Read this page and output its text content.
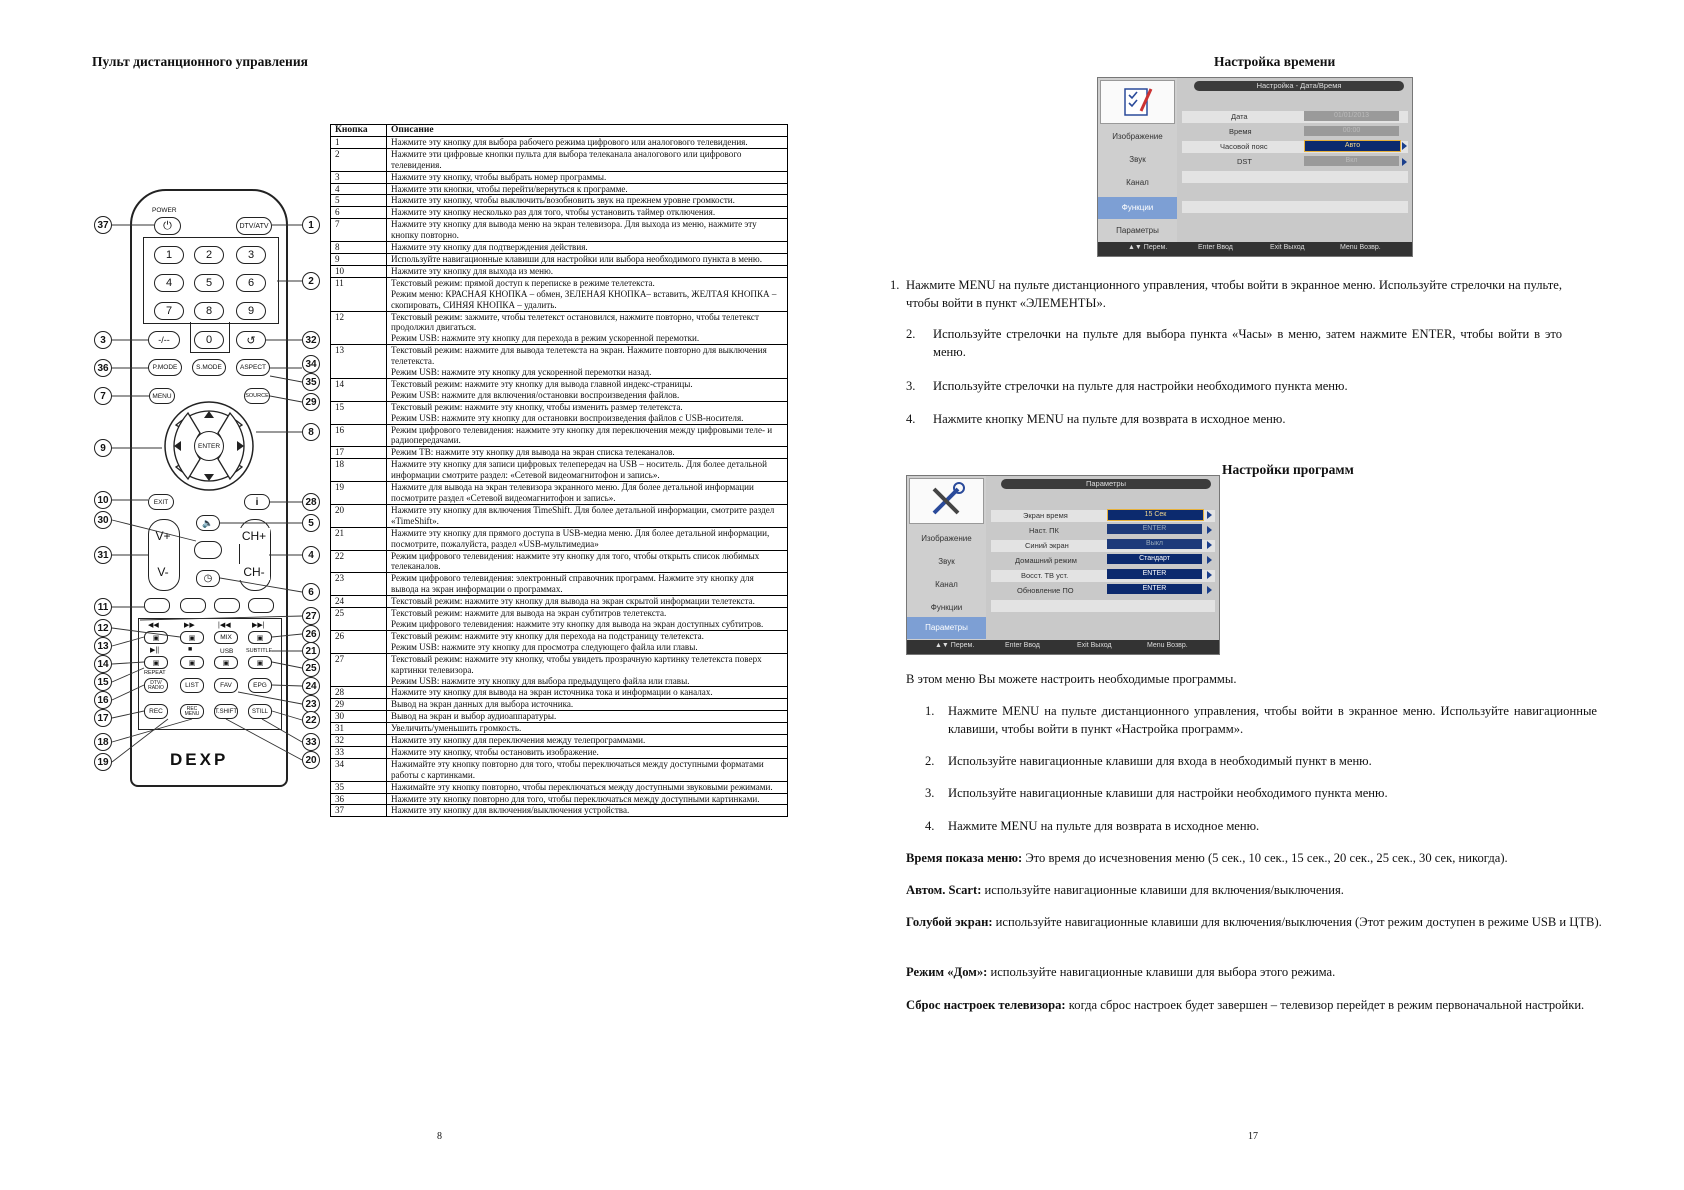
Пульт дистанционного управления
POWER
⏻	DTV/ATV
1	2	3
4	5	6
7	8	9
-/--	0	↺
P.MODE	S.MODE	ASPECT
MENU	SOURCE
ENTER
EXIT	i
V+
V-
CH+
CH-
🔈
◷
◀◀	▶▶	|◀◀	▶▶|
▣	▣	MIX	▣
▶||	■	USB SUBTITLE
▣	▣	▣	▣
REPEAT
DTV/ RADIO	LIST	FAV	EPG
REC	REC MENU	T.SHIFT	STILL
DEXP
37	1
2
3	32
36	34
35
7
29
8
9
10	28
30	5
31	4
6
11
27
12
26
13	21
14	25
15	24
16	23
17	22
18	33
19	20
Кнопка	Описание
1	Нажмите эту кнопку для выбора рабочего режима цифрового или аналогового телевидения.
2	Нажмите эти цифровые кнопки пульта для выбора телеканала аналогового или цифрового телевидения.
3	Нажмите эту кнопку, чтобы выбрать номер программы.
4	Нажмите эти кнопки, чтобы перейти/вернуться к программе.
5	Нажмите эту кнопку, чтобы выключить/возобновить звук на прежнем уровне громкости.
6	Нажмите эту кнопку несколько раз для того, чтобы установить таймер отключения.
7	Нажмите эту кнопку для вывода меню на экран телевизора. Для выхода из меню, нажмите эту кнопку повторно.
8	Нажмите эту кнопку для подтверждения действия.
9	Используйте навигационные клавиши для настройки или выбора необходимого пункта в меню.
10	Нажмите эту кнопку для выхода из меню.
11	Текстовый режим: прямой доступ к переписке в режиме телетекста.
Режим меню: КРАСНАЯ КНОПКА – обмен, ЗЕЛЕНАЯ КНОПКА– вставить, ЖЕЛТАЯ КНОПКА – скопировать, СИНЯЯ КНОПКА – удалить.
12	Текстовый режим: зажмите, чтобы телетекст остановился, нажмите повторно, чтобы телетекст продолжил двигаться.
Режим USB: нажмите эту кнопку для перехода в режим ускоренной перемотки.
13	Текстовый режим: нажмите для вывода телетекста на экран. Нажмите повторно для выключения телетекста.
Режим USB: нажмите эту кнопку для ускоренной перемотки назад.
14	Текстовый режим: нажмите эту кнопку для вывода главной индекс-страницы.
Режим USB: нажмите для включения/остановки воспроизведения файлов.
15	Текстовый режим: нажмите эту кнопку, чтобы изменить размер телетекста.
Режим USB: нажмите эту кнопку для остановки воспроизведения файлов с USB-носителя.
16	Режим цифрового телевидения: нажмите эту кнопку для переключения между цифровыми теле- и радиопередачами.
17	Режим ТВ: нажмите эту кнопку для вывода на экран списка телеканалов.
18	Нажмите эту кнопку для записи цифровых телепередач на USB – носитель. Для более детальной информации смотрите раздел: «Сетевой видеомагнитофон и запись».
19	Нажмите для вывода на экран телевизора экранного меню. Для более детальной информации посмотрите раздел «Сетевой видеомагнитофон и запись».
20	Нажмите эту кнопку для включения TimeShift. Для более детальной информации, смотрите раздел «TimeShift».
21	Нажмите эту кнопку для прямого доступа в USB-медиа меню. Для более детальной информации, посмотрите, пожалуйста, раздел «USB-мультимедиа»
22	Режим цифрового телевидения: нажмите эту кнопку для того, чтобы открыть список любимых телеканалов.
23	Режим цифрового телевидения: электронный справочник программ. Нажмите эту кнопку для вывода на экран информации о программах.
24	Текстовый режим: нажмите эту кнопку для вывода на экран скрытой информации телетекста.
25	Текстовый режим: нажмите для вывода на экран субтитров телетекста.
Режим цифрового телевидения: нажмите эту кнопку для вывода на экран доступных субтитров.
26	Текстовый режим: нажмите эту кнопку для перехода на подстраницу телетекста.
Режим USB: нажмите эту кнопку для просмотра следующего файла или главы.
27	Текстовый режим: нажмите эту кнопку, чтобы увидеть прозрачную картинку телетекста поверх картинки телевизора.
Режим USB: нажмите эту кнопку для выбора предыдущего файла или главы.
28	Нажмите эту кнопку для вывода на экран источника тока и информации о каналах.
29	Вывод на экран данных для выбора источника.
30	Вывод на экран и выбор аудиоаппаратуры.
31	Увеличить/уменьшить громкость.
32	Нажмите эту кнопку для переключения между телепрограммами.
33	Нажмите эту кнопку, чтобы остановить изображение.
34	Нажимайте эту кнопку повторно для того, чтобы переключаться между доступными форматами работы с картинками.
35	Нажимайте эту кнопку повторно, чтобы переключаться между доступными звуковыми режимами.
36	Нажмите эту кнопку повторно для того, чтобы переключаться между доступными картинками.
37	Нажмите эту кнопку для включения/выключения устройства.
8
Настройка времени
Изображение
Звук
Канал
Функции
Параметры
Настройка - Дата/Время
Дата	01/01/2013
Время	00:00
Часовой пояс	Авто
DST	Вкл
▲▼ Перем.	Enter Ввод	Exit Выход	Menu Возвр.
1. Нажмите MENU на пульте дистанционного управления, чтобы войти в экранное меню. Используйте стрелочки на пульте, чтобы войти в пункт «ЭЛЕМЕНТЫ».
2. Используйте стрелочки на пульте для выбора пункта «Часы» в меню, затем нажмите ENTER, чтобы войти в это меню.
3. Используйте стрелочки на пульте для настройки необходимого пункта меню.
4. Нажмите кнопку MENU на пульте для возврата в исходное меню.
Настройки программ
Изображение
Звук
Канал
Функции
Параметры
Параметры
Экран время	15 Сек
Наст. ПК	ENTER
Синий экран	Выкл
Домашний режим	Стандарт
Восст. ТВ уст.	ENTER
Обновление ПО	ENTER
▲▼ Перем.	Enter Ввод	Exit Выход	Menu Возвр.
В этом меню Вы можете настроить необходимые программы.
1. Нажмите MENU на пульте дистанционного управления, чтобы войти в экранное меню. Используйте навигационные клавиши, чтобы войти в пункт «Настройка программ».
2. Используйте навигационные клавиши для входа в необходимый пункт в меню.
3. Используйте навигационные клавиши для настройки необходимого пункта меню.
4. Нажмите MENU на пульте для возврата в исходное меню.
Время показа меню: Это время до исчезновения меню (5 сек., 10 сек., 15 сек., 20 сек., 25 сек., 30 сек, никогда).
Автом. Scart: используйте навигационные клавиши для включения/выключения.
Голубой экран: используйте навигационные клавиши для включения/выключения (Этот режим доступен в режиме USB и ЦТВ).
Режим «Дом»: используйте навигационные клавиши для выбора этого режима.
Сброс настроек телевизора: когда сброс настроек будет завершен – телевизор перейдет в режим первоначальной настройки.
17
